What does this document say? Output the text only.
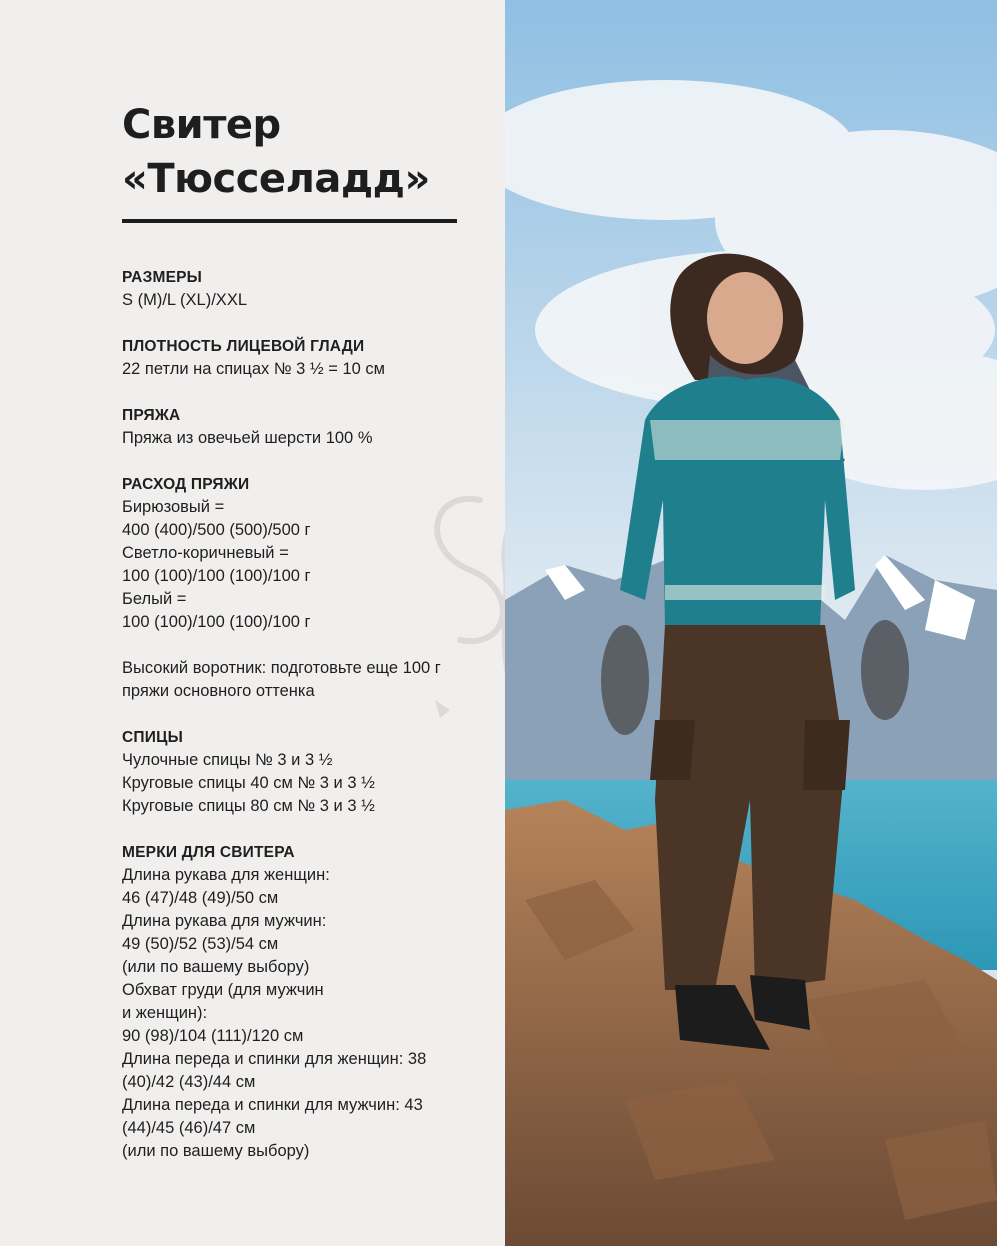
Свитер
«Тюсселадд»
РАЗМЕРЫ
S (M)/L (XL)/XXL
ПЛОТНОСТЬ ЛИЦЕВОЙ ГЛАДИ
22 петли на спицах № 3 ½ = 10 см
ПРЯЖА
Пряжа из овечьей шерсти 100 %
РАСХОД ПРЯЖИ
Бирюзовый =
400 (400)/500 (500)/500 г
Светло-коричневый =
100 (100)/100 (100)/100 г
Белый =
100 (100)/100 (100)/100 г
Высокий воротник: подготовьте еще 100 г
пряжи основного оттенка
СПИЦЫ
Чулочные спицы № 3 и 3 ½
Круговые спицы 40 см № 3 и 3 ½
Круговые спицы 80 см № 3 и 3 ½
МЕРКИ ДЛЯ СВИТЕРА
Длина рукава для женщин:
46 (47)/48 (49)/50 см
Длина рукава для мужчин:
49 (50)/52 (53)/54 см
(или по вашему выбору)
Обхват груди (для мужчин
и женщин):
90 (98)/104 (111)/120 см
Длина переда и спинки для женщин: 38
(40)/42 (43)/44 см
Длина переда и спинки для мужчин: 43
(44)/45 (46)/47 см
(или по вашему выбору)
